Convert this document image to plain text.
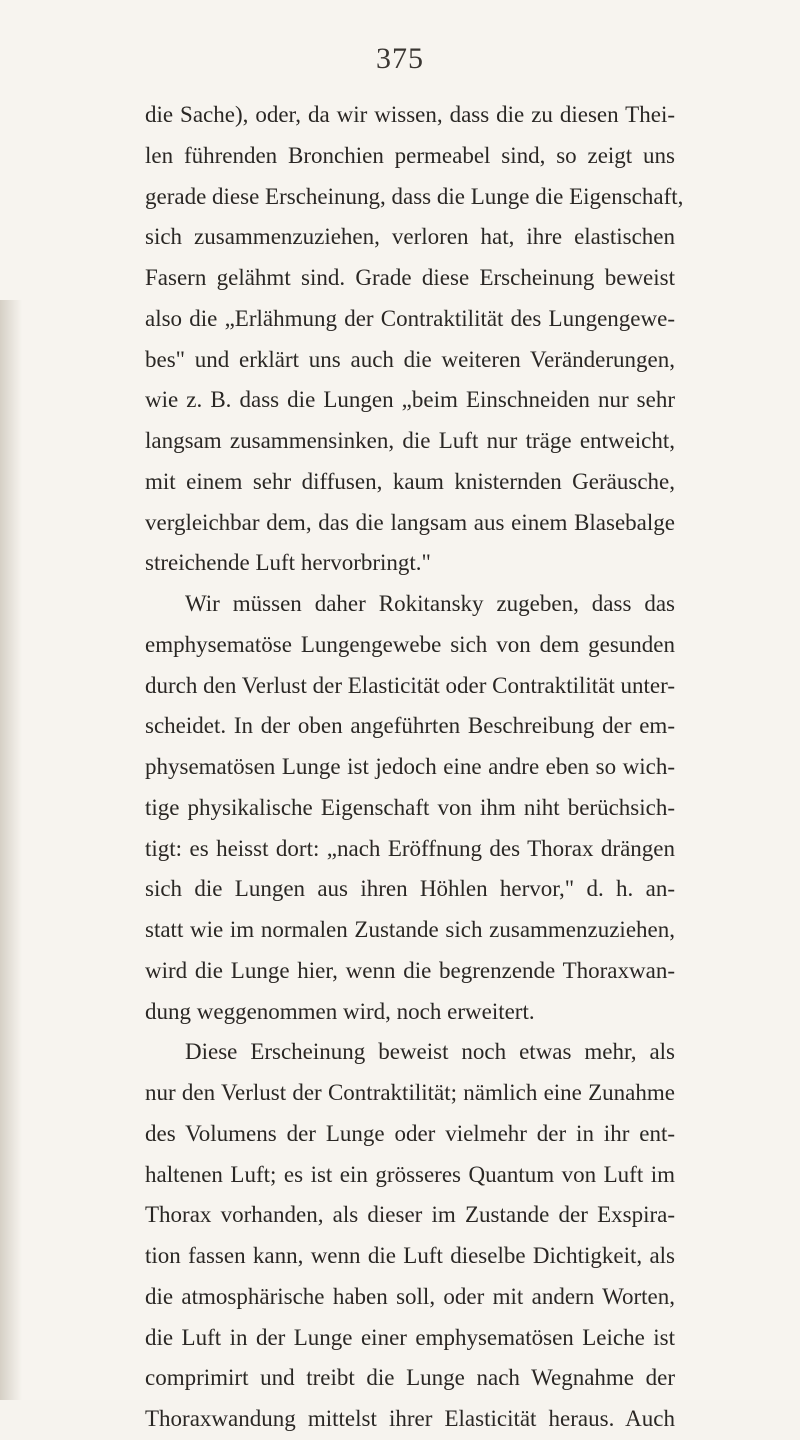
375
die Sache), oder, da wir wissen, dass die zu diesen Thei-
len führenden Bronchien permeabel sind, so zeigt uns
gerade diese Erscheinung, dass die Lunge die Eigenschaft,
sich zusammenzuziehen, verloren hat, ihre elastischen
Fasern gelähmt sind. Grade diese Erscheinung beweist
also die „Erlähmung der Contraktilität des Lungengewe-
bes" und erklärt uns auch die weiteren Veränderungen,
wie z. B. dass die Lungen „beim Einschneiden nur sehr
langsam zusammensinken, die Luft nur träge entweicht,
mit einem sehr diffusen, kaum knisternden Geräusche,
vergleichbar dem, das die langsam aus einem Blasebalge
streichende Luft hervorbringt."
Wir müssen daher Rokitansky zugeben, dass das
emphysematöse Lungengewebe sich von dem gesunden
durch den Verlust der Elasticität oder Contraktilität unter-
scheidet. In der oben angeführten Beschreibung der em-
physematösen Lunge ist jedoch eine andre eben so wich-
tige physikalische Eigenschaft von ihm niht berüchsich-
tigt: es heisst dort: „nach Eröffnung des Thorax drängen
sich die Lungen aus ihren Höhlen hervor," d. h. an-
statt wie im normalen Zustande sich zusammenzuziehen,
wird die Lunge hier, wenn die begrenzende Thoraxwan-
dung weggenommen wird, noch erweitert.
Diese Erscheinung beweist noch etwas mehr, als
nur den Verlust der Contraktilität; nämlich eine Zunahme
des Volumens der Lunge oder vielmehr der in ihr ent-
haltenen Luft; es ist ein grösseres Quantum von Luft im
Thorax vorhanden, als dieser im Zustande der Exspira-
tion fassen kann, wenn die Luft dieselbe Dichtigkeit, als
die atmosphärische haben soll, oder mit andern Worten,
die Luft in der Lunge einer emphysematösen Leiche ist
comprimirt und treibt die Lunge nach Wegnahme der
Thoraxwandung mittelst ihrer Elasticität heraus. Auch
